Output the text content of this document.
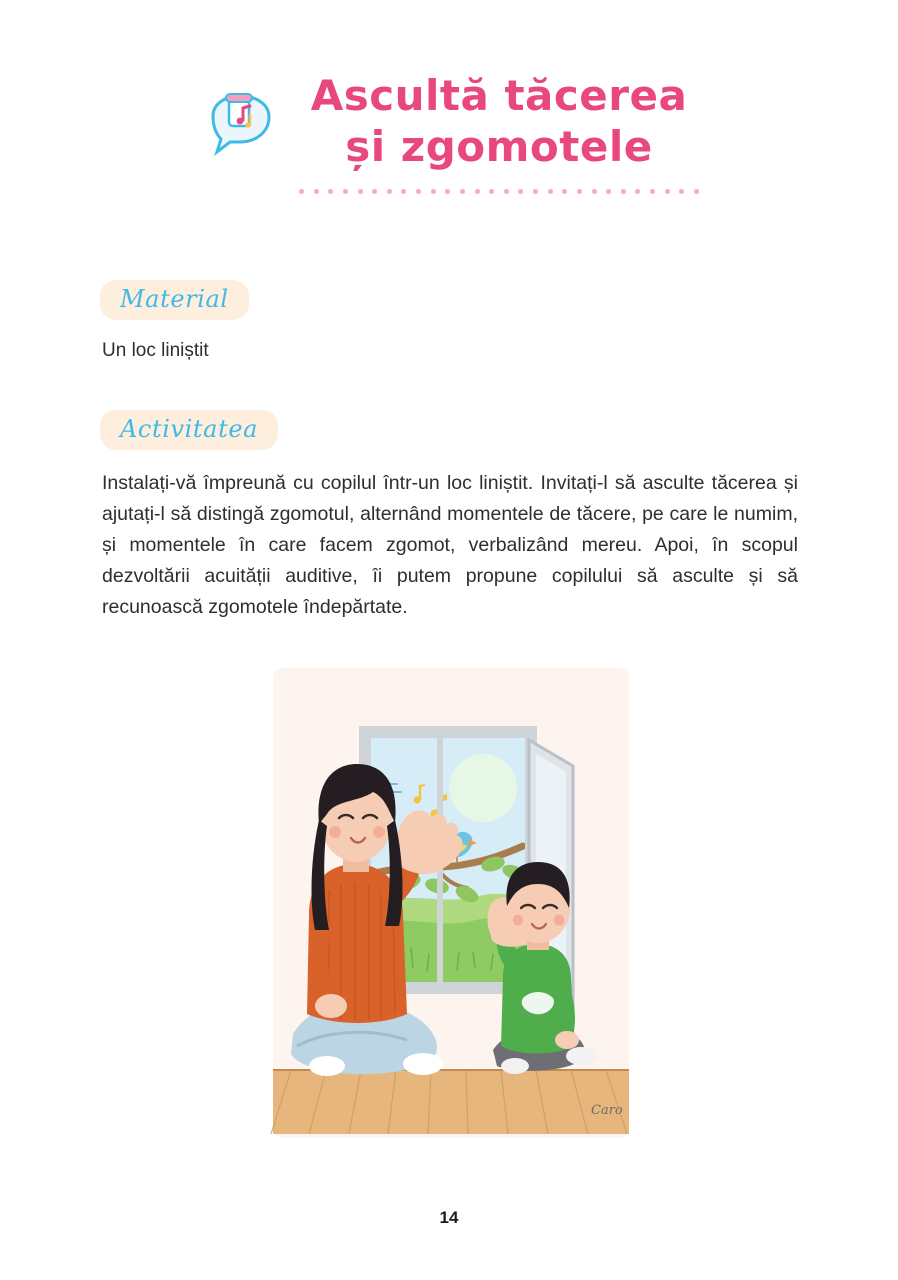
Ascultă tăcerea
și zgomotele
Material
Un loc liniștit
Activitatea
Instalați-vă împreună cu copilul într-un loc liniștit. Invitați-l să asculte tăcerea și ajutați-l să distingă zgomotul, alternând momentele de tăcere, pe care le numim, și momentele în care facem zgomot, verbalizând mereu. Apoi, în scopul dezvoltării acuității auditive, îi putem propune copilului să asculte și să recunoască zgomotele îndepărtate.
Caro
14
